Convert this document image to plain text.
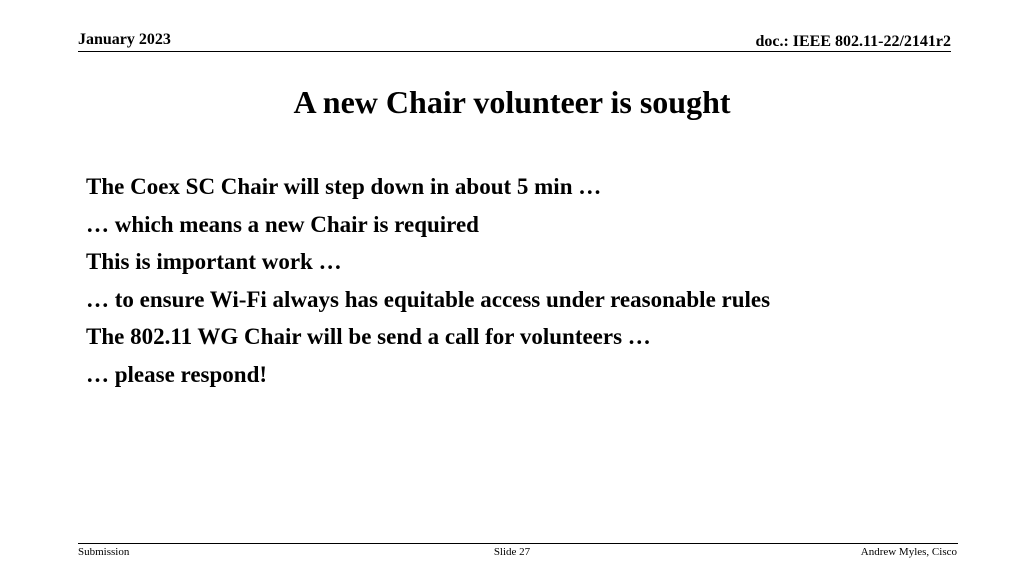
January 2023	doc.: IEEE 802.11-22/2141r2
A new Chair volunteer is sought
The Coex SC Chair will step down in about 5 min …
… which means a new Chair is required
This is important work …
… to ensure Wi-Fi always has equitable access under reasonable rules
The 802.11 WG Chair will be send a call for volunteers …
… please respond!
Submission	Slide 27	Andrew Myles, Cisco
